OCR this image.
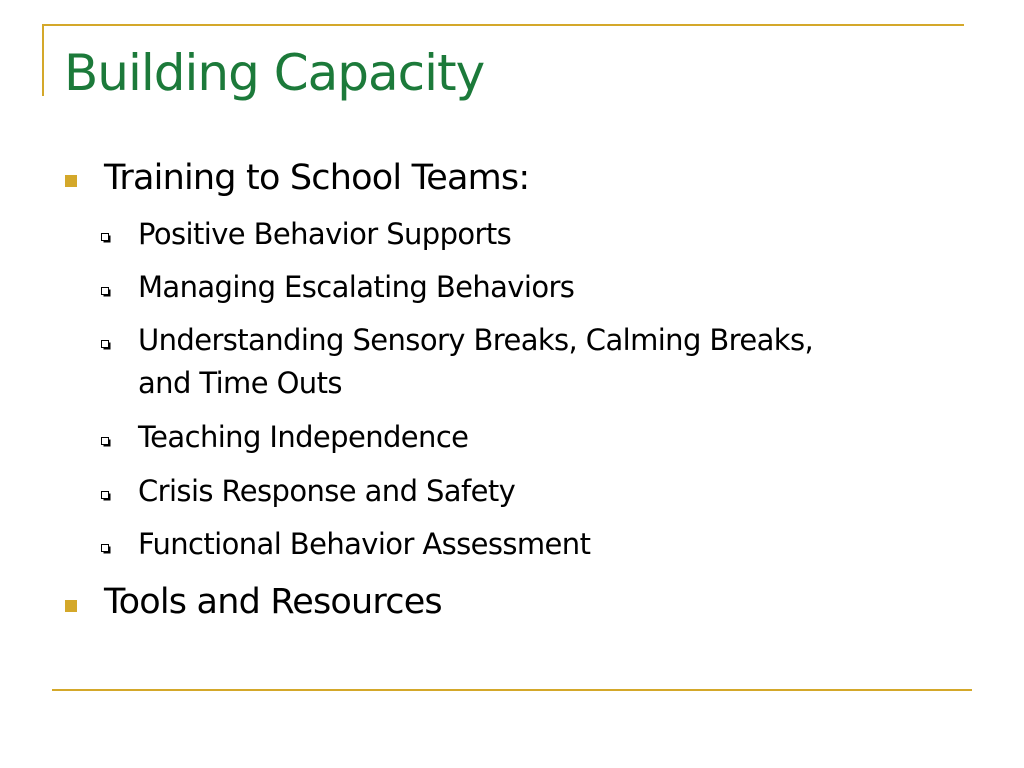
Building Capacity
Training to School Teams:
Positive Behavior Supports
Managing Escalating Behaviors
Understanding Sensory Breaks, Calming Breaks,
and Time Outs
Teaching Independence
Crisis Response and Safety
Functional Behavior Assessment
Tools and Resources
